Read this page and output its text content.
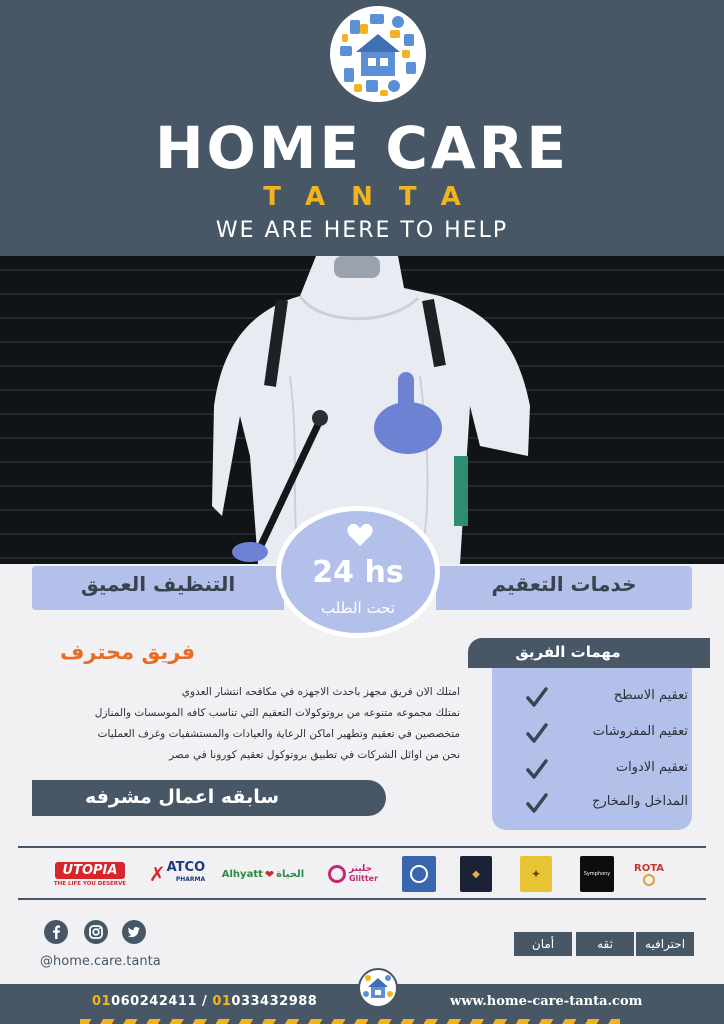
HOME CARE
TANTA
WE ARE HERE TO HELP
التنظيف العميق	خدمات التعقيم
24 hs
تحت الطلب
فريق محترف

امتلك الان فريق مجهز باحدث الاجهزه في مكافحه انتشار العدوي

نمتلك مجموعه متنوعه من بروتوكولات التعقيم التي تناسب كافه الموسسات والمنازل

متخصصين في تعقيم وتطهير اماكن الرعاية والعيادات والمستشفيات وغرف العمليات

نحن من اوائل الشركات في تطبيق بروتوكول تعقيم كورونا في مصر

سابقه اعمال مشرفه
مهمات الفريق
تعقيم الاسطح
تعقيم المفروشات
تعقيم الادوات
المداخل والمخارج
UTOPIA
THE LIFE YOU DESERVE ✗ ATCO
PHARMA Alhyatt ❤ الحياة	جليتر
Glitter	◆	✦	Symphony
ROTA
@home.care.tanta
احترافيه
ثقه
أمان
01060242411 / 01033432988	www.home-care-tanta.com
